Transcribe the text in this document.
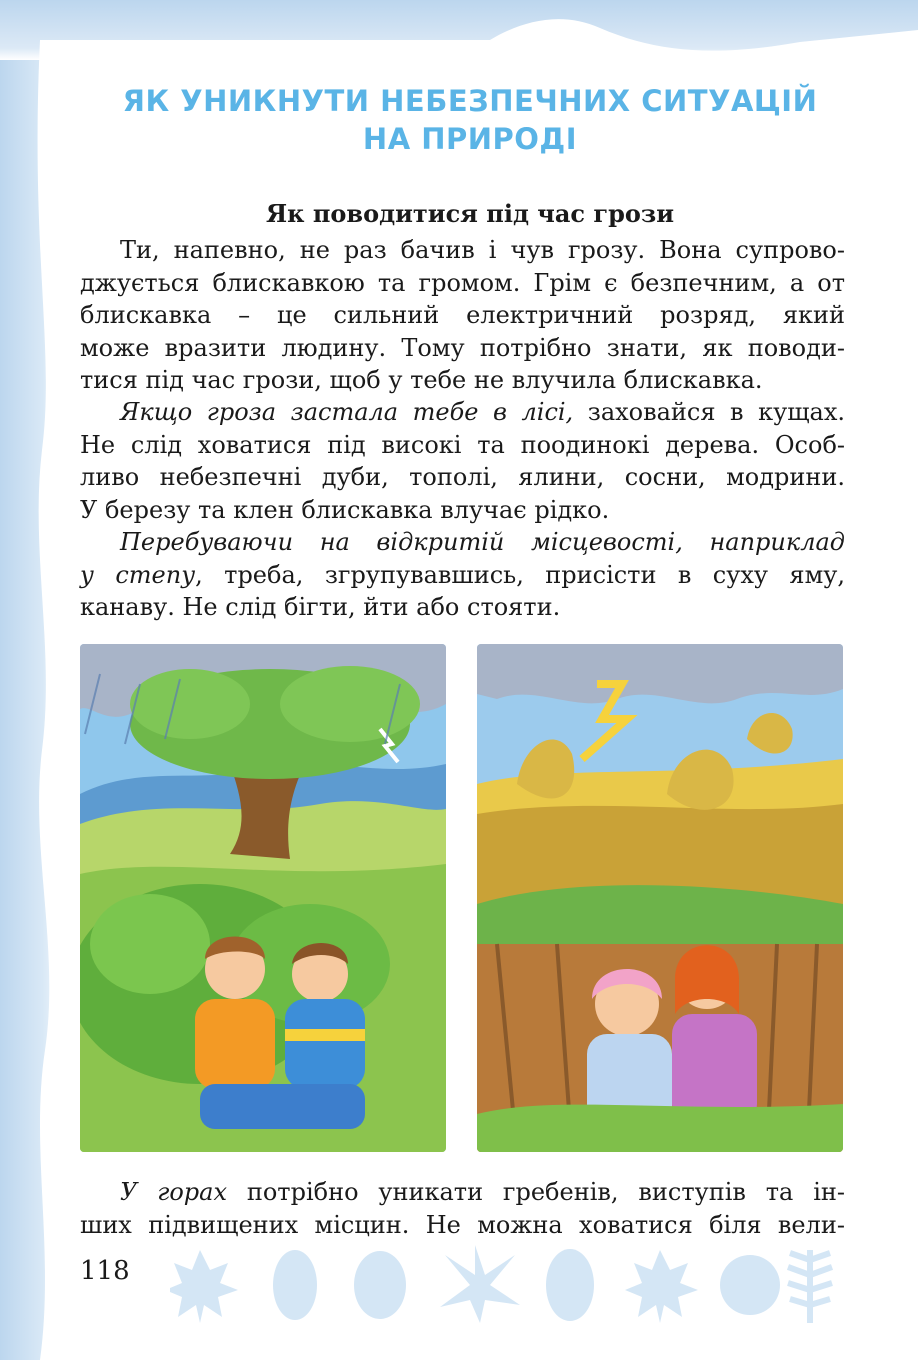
ЯК УНИКНУТИ НЕБЕЗПЕЧНИХ СИТУАЦІЙ
НА ПРИРОДІ
Як поводитися під час грози

Ти, напевно, не раз бачив і чув грозу. Вона супрово-

джується блискавкою та громом. Грім є безпечним, а от

блискавка – це сильний електричний розряд, який

може вразити людину. Тому потрібно знати, як поводи-

тися під час грози, щоб у тебе не влучила блискавка.

Якщо гроза застала тебе в лісі, заховайся в кущах.

Не слід ховатися під високі та поодинокі дерева. Особ-

ливо небезпечні дуби, тополі, ялини, сосни, модрини.

У березу та клен блискавка влучає рідко.

Перебуваючи на відкритій місцевості, наприклад

у степу, треба, згрупувавшись, присісти в суху яму,

канаву. Не слід бігти, йти або стояти.

У горах потрібно уникати гребенів, виступів та ін-

ших підвищених місцин. Не можна ховатися біля вели-

118
